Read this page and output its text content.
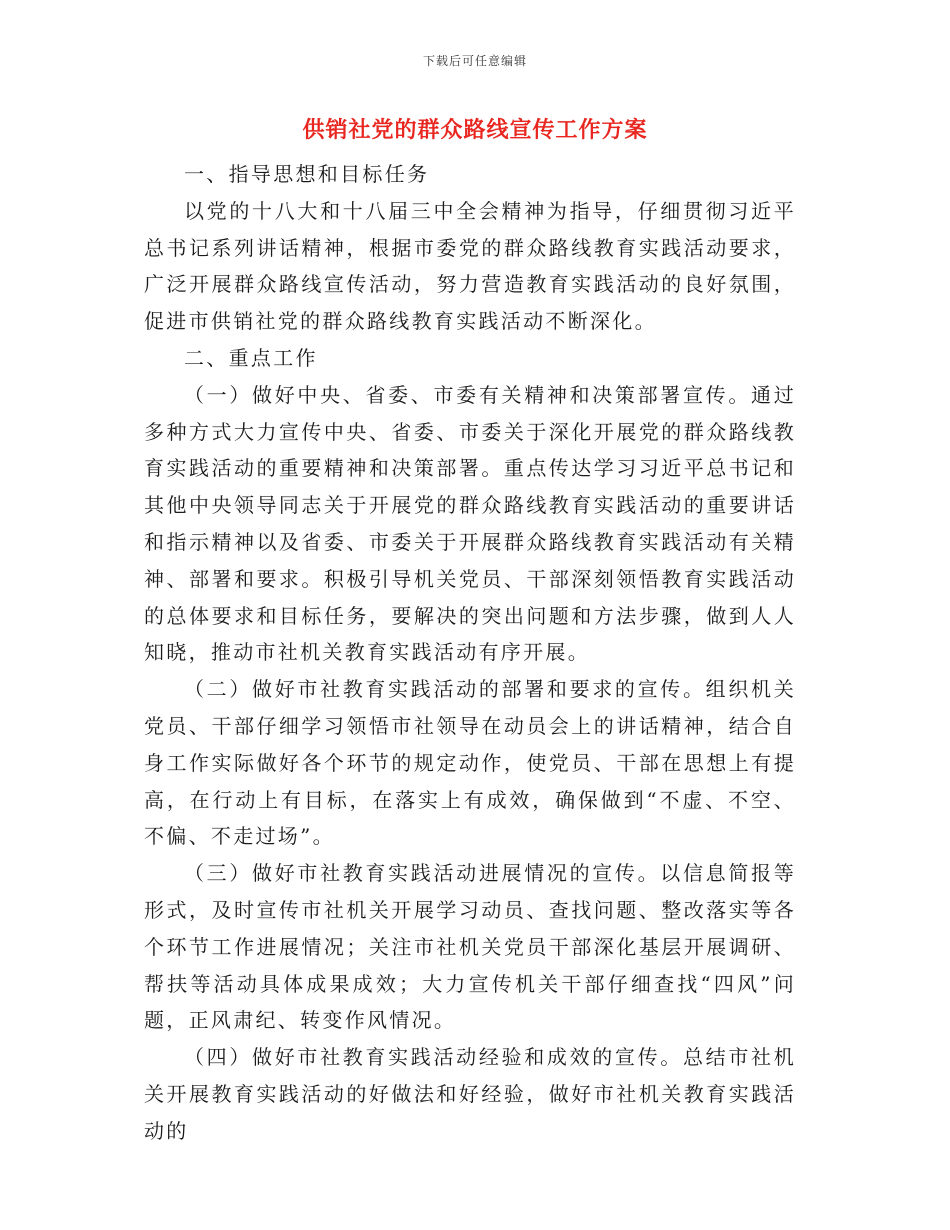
下载后可任意编辑
供销社党的群众路线宣传工作方案

一、指导思想和目标任务

以党的十八大和十八届三中全会精神为指导，仔细贯彻习近平总书记系列讲话精神，根据市委党的群众路线教育实践活动要求，广泛开展群众路线宣传活动，努力营造教育实践活动的良好氛围，促进市供销社党的群众路线教育实践活动不断深化。

二、重点工作

（一）做好中央、省委、市委有关精神和决策部署宣传。通过多种方式大力宣传中央、省委、市委关于深化开展党的群众路线教育实践活动的重要精神和决策部署。重点传达学习习近平总书记和其他中央领导同志关于开展党的群众路线教育实践活动的重要讲话和指示精神以及省委、市委关于开展群众路线教育实践活动有关精神、部署和要求。积极引导机关党员、干部深刻领悟教育实践活动的总体要求和目标任务，要解决的突出问题和方法步骤，做到人人知晓，推动市社机关教育实践活动有序开展。

（二）做好市社教育实践活动的部署和要求的宣传。组织机关党员、干部仔细学习领悟市社领导在动员会上的讲话精神，结合自身工作实际做好各个环节的规定动作，使党员、干部在思想上有提高，在行动上有目标，在落实上有成效，确保做到“不虚、不空、不偏、不走过场”。

（三）做好市社教育实践活动进展情况的宣传。以信息简报等形式，及时宣传市社机关开展学习动员、查找问题、整改落实等各个环节工作进展情况；关注市社机关党员干部深化基层开展调研、帮扶等活动具体成果成效；大力宣传机关干部仔细查找“四风”问题，正风肃纪、转变作风情况。

（四）做好市社教育实践活动经验和成效的宣传。总结市社机关开展教育实践活动的好做法和好经验，做好市社机关教育实践活动的
